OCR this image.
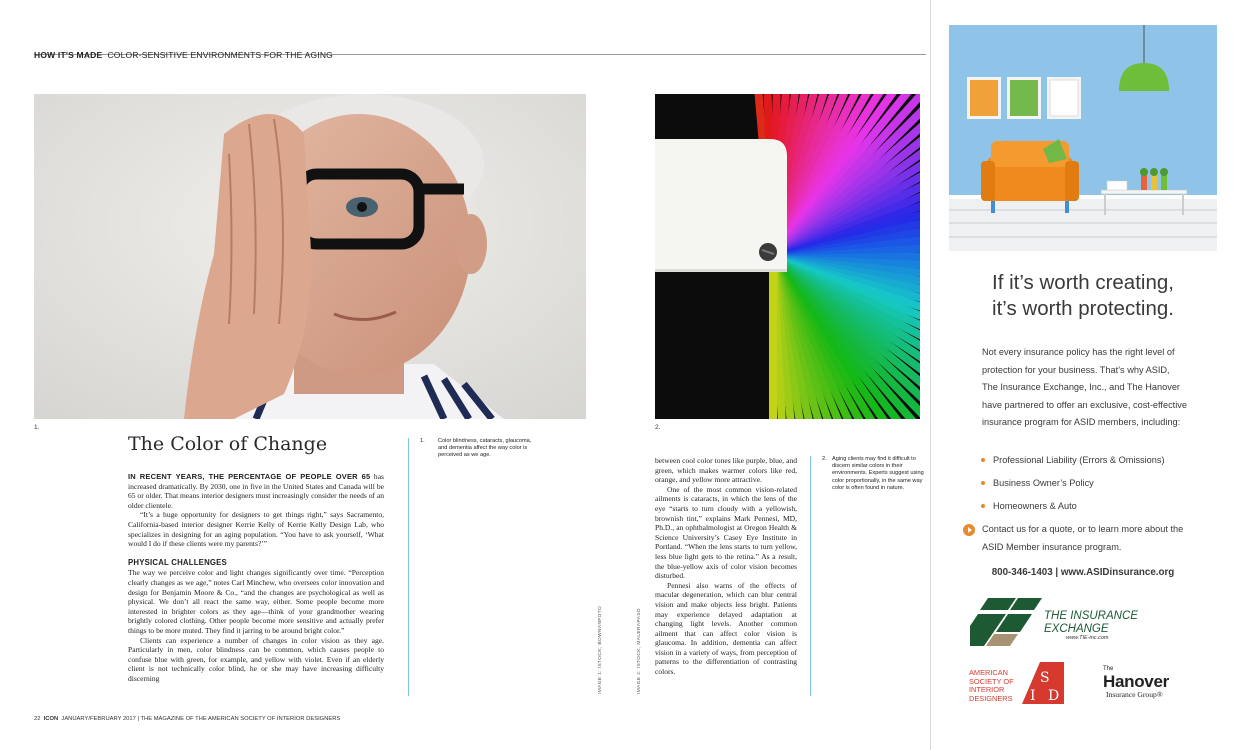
HOW IT'S MADE COLOR-SENSITIVE ENVIRONMENTS FOR THE AGING
1.	2.
The Color of Change

IN RECENT YEARS, THE PERCENTAGE OF PEOPLE OVER 65 has increased dramatically. By 2030, one in five in the United States and Canada will be 65 or older. That means interior designers must increasingly consider the needs of an older clientele.

“It’s a huge opportunity for designers to get things right,” says Sacramento, California-based interior designer Kerrie Kelly of Kerrie Kelly Design Lab, who specializes in designing for an aging population. “You have to ask yourself, ‘What would I do if these clients were my parents?’”

PHYSICAL CHALLENGES

The way we perceive color and light changes significantly over time. “Perception clearly changes as we age,” notes Carl Minchew, who oversees color innovation and design for Benjamin Moore & Co., “and the changes are psychological as well as physical. We don’t all react the same way, either. Some people become more interested in brighter colors as they age—think of your grandmother wearing brightly colored clothing. Other people become more sensitive and actually prefer things to be more muted. They find it jarring to be around bright color.”

Clients can experience a number of changes in color vision as they age. Particularly in men, color blindness can be common, which causes people to confuse blue with green, for example, and yellow with violet. Even if an elderly client is not technically color blind, he or she may have increasing difficulty discerning

1.	Color blindness, cataracts, glaucoma, and dementia affect the way color is perceived as we age.
IMAGE 1: ISTOCK, BOWNANFOTO	IMAGE 2: ISTOCK, MALERAPASO

between cool color tones like purple, blue, and green, which makes warmer colors like red, orange, and yellow more attractive.

One of the most common vision-related ailments is cataracts, in which the lens of the eye “starts to turn cloudy with a yellowish, brownish tint,” explains Mark Pennesi, MD, Ph.D., an ophthalmologist at Oregon Health & Science University’s Casey Eye Institute in Portland. “When the lens starts to turn yellow, less blue light gets to the retina.” As a result, the blue-yellow axis of color vision becomes disturbed.

Pennesi also warns of the effects of macular degeneration, which can blur central vision and make objects less bright. Patients may experience delayed adaptation at changing light levels. Another common ailment that can affect color vision is glaucoma. In addition, dementia can affect vision in a variety of ways, from perception of patterns to the differentiation of contrasting colors.

2. Aging clients may find it difficult to discern similar colors in their environments. Experts suggest using color proportionally, in the same way color is often found in nature.
22 ICON JANUARY/FEBRUARY 2017 | THE MAGAZINE OF THE AMERICAN SOCIETY OF INTERIOR DESIGNERS
If it’s worth creating,
it’s worth protecting.
Not every insurance policy has the right level of protection for your business. That’s why ASID, The Insurance Exchange, Inc., and The Hanover have partnered to offer an exclusive, cost-effective insurance program for ASID members, including:
Professional Liability (Errors & Omissions)
Business Owner’s Policy
Homeowners & Auto
Contact us for a quote, or to learn more about the ASID Member insurance program.
800-346-1403 | www.ASIDinsurance.org
THE INSURANCE
EXCHANGE
www.TIE-inc.com
AMERICAN
SOCIETY OF
INTERIOR
DESIGNERS
S
D
I
The
Hanover
Insurance Group®
